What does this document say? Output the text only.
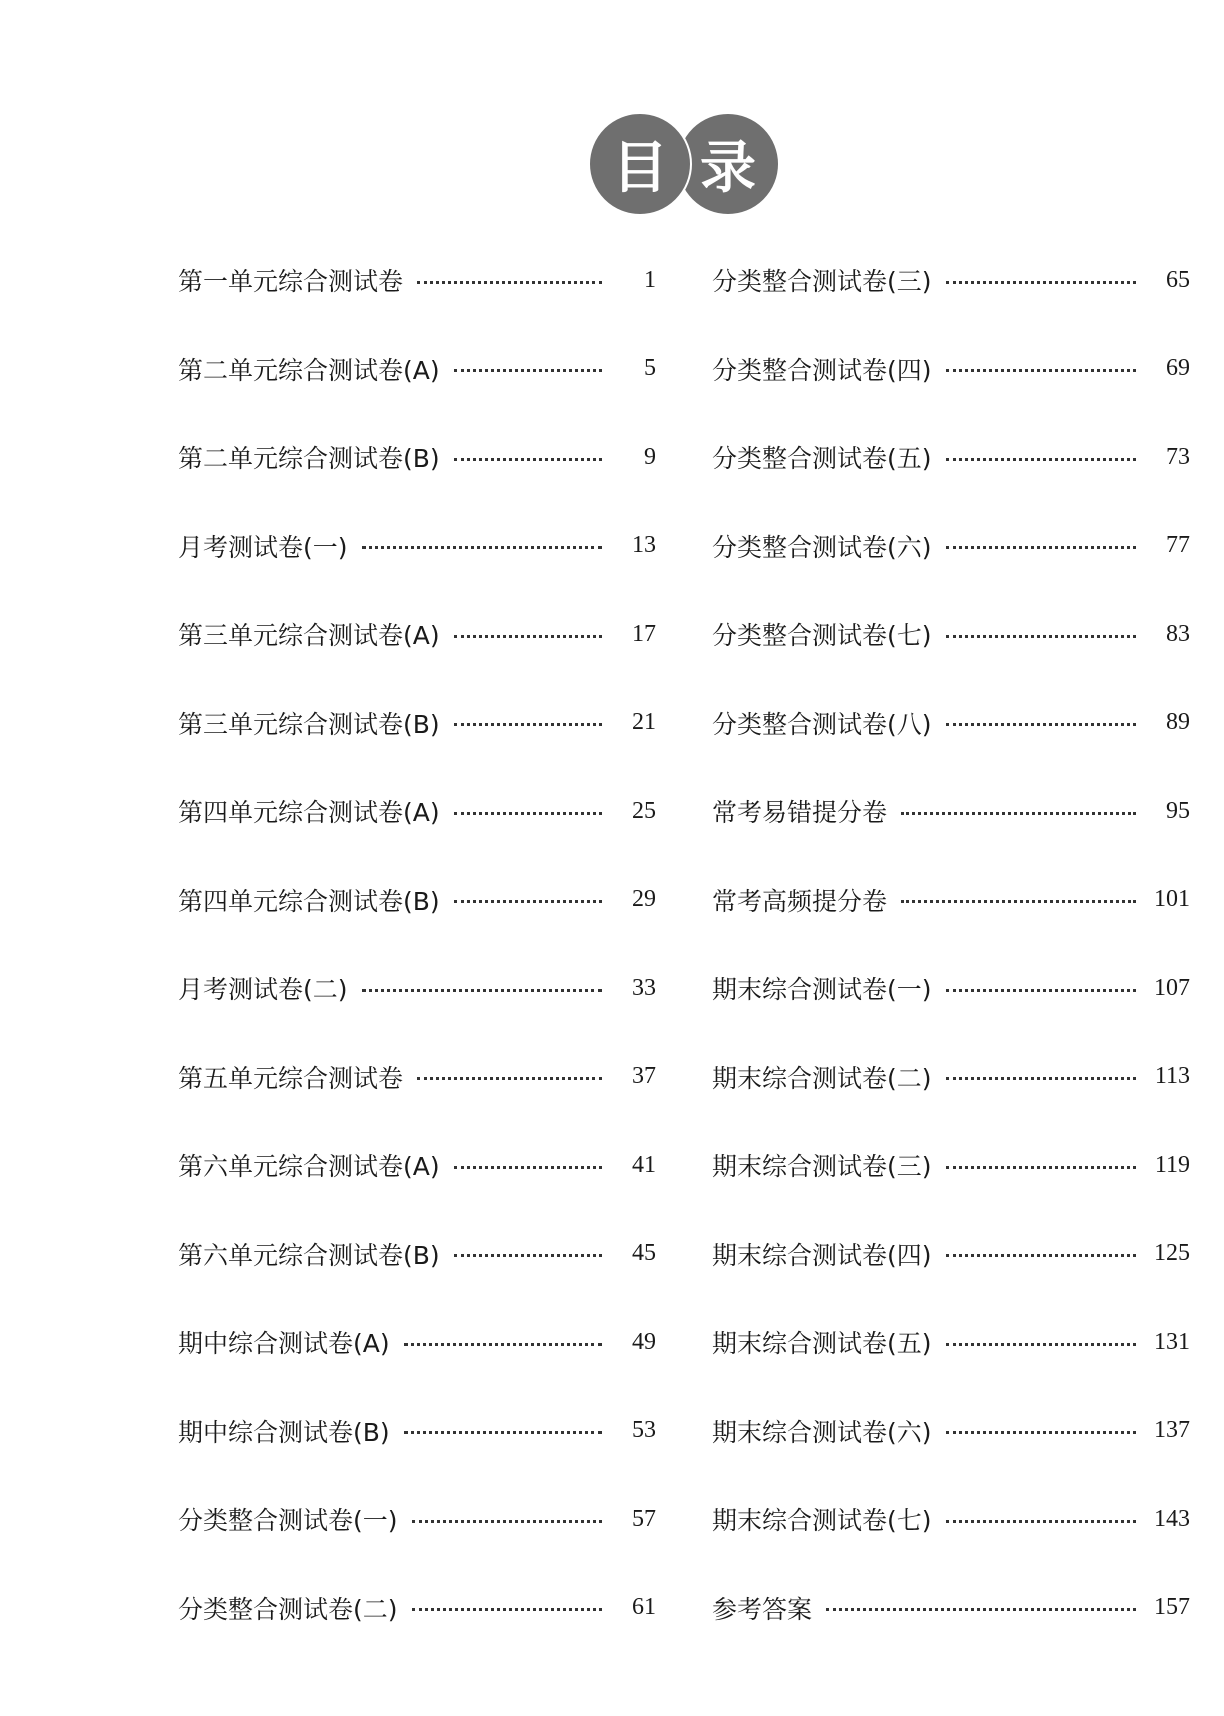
目 录
第一单元综合测试卷	1
第二单元综合测试卷(A)	5
第二单元综合测试卷(B)	9
月考测试卷(一)	13
第三单元综合测试卷(A)	17
第三单元综合测试卷(B)	21
第四单元综合测试卷(A)	25
第四单元综合测试卷(B)	29
月考测试卷(二)	33
第五单元综合测试卷	37
第六单元综合测试卷(A)	41
第六单元综合测试卷(B)	45
期中综合测试卷(A)	49
期中综合测试卷(B)	53
分类整合测试卷(一)	57
分类整合测试卷(二)	61
分类整合测试卷(三)	65
分类整合测试卷(四)	69
分类整合测试卷(五)	73
分类整合测试卷(六)	77
分类整合测试卷(七)	83
分类整合测试卷(八)	89
常考易错提分卷	95
常考高频提分卷	101
期末综合测试卷(一)	107
期末综合测试卷(二)	113
期末综合测试卷(三)	119
期末综合测试卷(四)	125
期末综合测试卷(五)	131
期末综合测试卷(六)	137
期末综合测试卷(七)	143
参考答案	157
